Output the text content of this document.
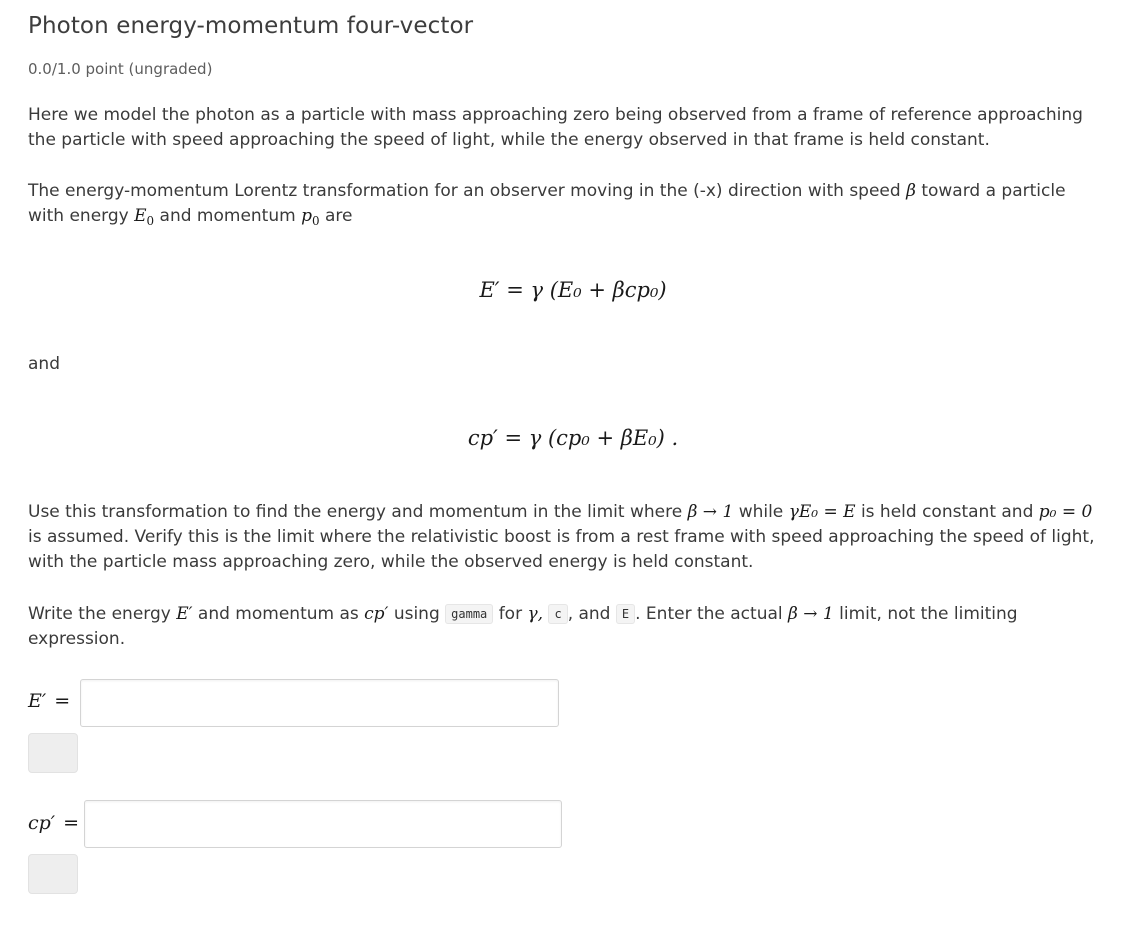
Photon energy-momentum four-vector
0.0/1.0 point (ungraded)
Here we model the photon as a particle with mass approaching zero being observed from a frame of reference approaching the particle with speed approaching the speed of light, while the energy observed in that frame is held constant.
The energy-momentum Lorentz transformation for an observer moving in the (-x) direction with speed β toward a particle with energy $E_0$ and momentum $p_0$ are
E′ = γ (E₀ + βcp₀)
and
cp′ = γ (cp₀ + βE₀) .
Use this transformation to find the energy and momentum in the limit where β → 1 while γE₀ = E is held constant and p₀ = 0 is assumed. Verify this is the limit where the relativistic boost is from a rest frame with speed approaching the speed of light, with the particle mass approaching zero, while the observed energy is held constant.
Write the energy E′ and momentum as cp′ using gamma for γ, c , and E . Enter the actual β → 1 limit, not the limiting expression.
E′ =
cp′ =
